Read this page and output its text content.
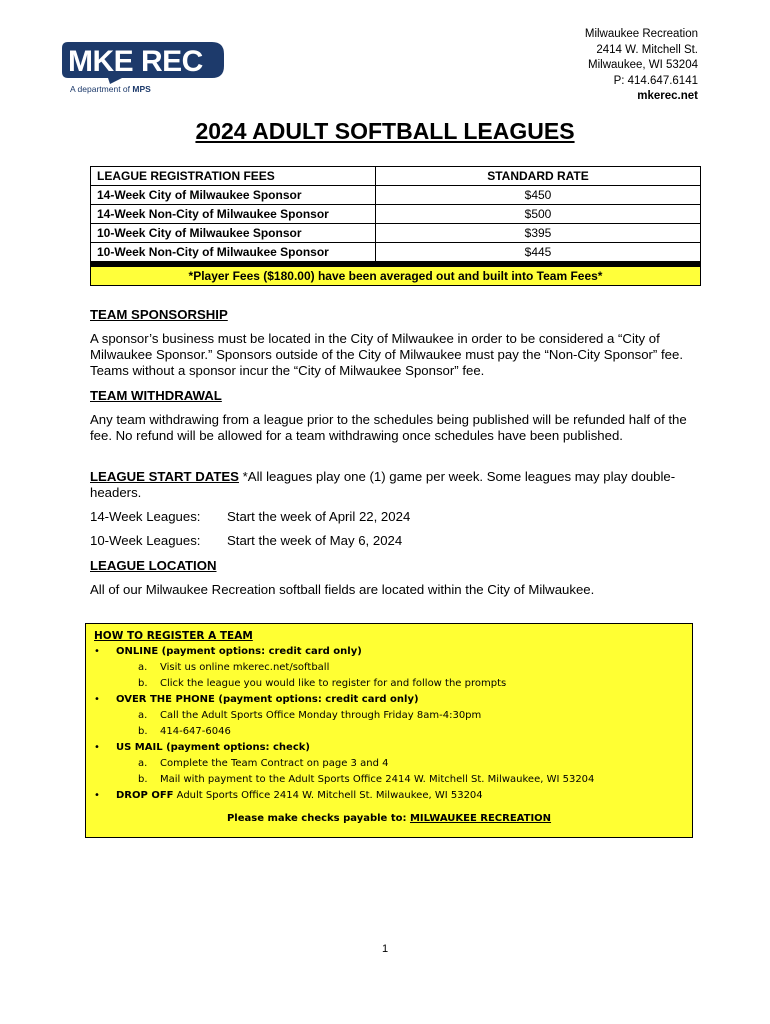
MKE REC
A department of MPS
Milwaukee Recreation
2414 W. Mitchell St.
Milwaukee, WI 53204
P: 414.647.6141
mkerec.net
2024 ADULT SOFTBALL LEAGUES
LEAGUE REGISTRATION FEES	STANDARD RATE
14-Week City of Milwaukee Sponsor	$450
14-Week Non-City of Milwaukee Sponsor	$500
10-Week City of Milwaukee Sponsor	$395
10-Week Non-City of Milwaukee Sponsor	$445

*Player Fees ($180.00) have been averaged out and built into Team Fees*	
TEAM SPONSORSHIP
A sponsor’s business must be located in the City of Milwaukee in order to be considered a “City of Milwaukee Sponsor.” Sponsors outside of the City of Milwaukee must pay the “Non-City Sponsor” fee. Teams without a sponsor incur the “City of Milwaukee Sponsor” fee.
TEAM WITHDRAWAL
Any team withdrawing from a league prior to the schedules being published will be refunded half of the fee. No refund will be allowed for a team withdrawing once schedules have been published.
LEAGUE START DATES *All leagues play one (1) game per week. Some leagues may play double-headers.
14-Week Leagues: Start the week of April 22, 2024
10-Week Leagues: Start the week of May 6, 2024
LEAGUE LOCATION
All of our Milwaukee Recreation softball fields are located within the City of Milwaukee.
HOW TO REGISTER A TEAM
• ONLINE (payment options: credit card only)
a. Visit us online mkerec.net/softball
b. Click the league you would like to register for and follow the prompts
• OVER THE PHONE (payment options: credit card only)
a. Call the Adult Sports Office Monday through Friday 8am-4:30pm
b. 414-647-6046
• US MAIL (payment options: check)
a. Complete the Team Contract on page 3 and 4
b. Mail with payment to the Adult Sports Office 2414 W. Mitchell St. Milwaukee, WI 53204
• DROP OFF Adult Sports Office 2414 W. Mitchell St. Milwaukee, WI 53204
Please make checks payable to: MILWAUKEE RECREATION
1
